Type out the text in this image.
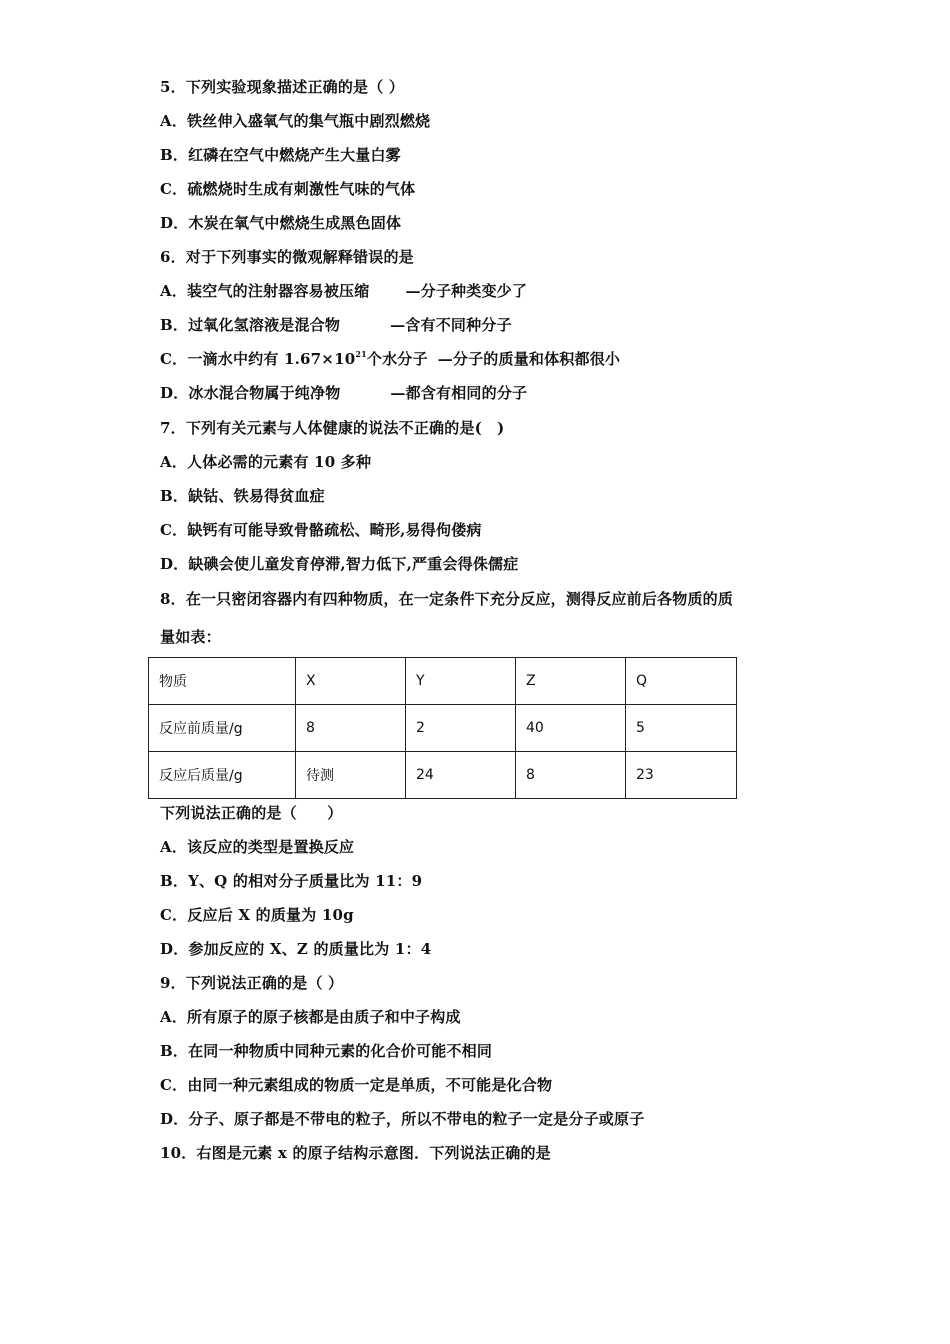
5．下列实验现象描述正确的是（ ）
A．铁丝伸入盛氧气的集气瓶中剧烈燃烧
B．红磷在空气中燃烧产生大量白雾
C．硫燃烧时生成有刺激性气味的气体
D．木炭在氧气中燃烧生成黑色固体
6．对于下列事实的微观解释错误的是
A．装空气的注射器容易被压缩 —分子种类变少了
B．过氧化氢溶液是混合物	—含有不同种分子
C．一滴水中约有 $1.67\times 10^{21}$个水分子 —分子的质量和体积都很小
D．冰水混合物属于纯净物	—都含有相同的分子
7．下列有关元素与人体健康的说法不正确的是(　)
A．人体必需的元素有 10 多种
B．缺钴、铁易得贫血症
C．缺钙有可能导致骨骼疏松、畸形,易得佝偻病
D．缺碘会使儿童发育停滞,智力低下,严重会得侏儒症
8．在一只密闭容器内有四种物质，在一定条件下充分反应，测得反应前后各物质的质
量如表：
物质	X	Y	Z	Q
反应前质量/g	8	2	40	5
反应后质量/g	待测	24	8	23
下列说法正确的是（　　）
A．该反应的类型是置换反应
B．Y、Q 的相对分子质量比为 11：9
C．反应后 X 的质量为 10g
D．参加反应的 X、Z 的质量比为 1：4
9．下列说法正确的是（ ）
A．所有原子的原子核都是由质子和中子构成
B．在同一种物质中同种元素的化合价可能不相同
C．由同一种元素组成的物质一定是单质，不可能是化合物
D．分子、原子都是不带电的粒子，所以不带电的粒子一定是分子或原子
10．右图是元素 x 的原子结构示意图．下列说法正确的是
